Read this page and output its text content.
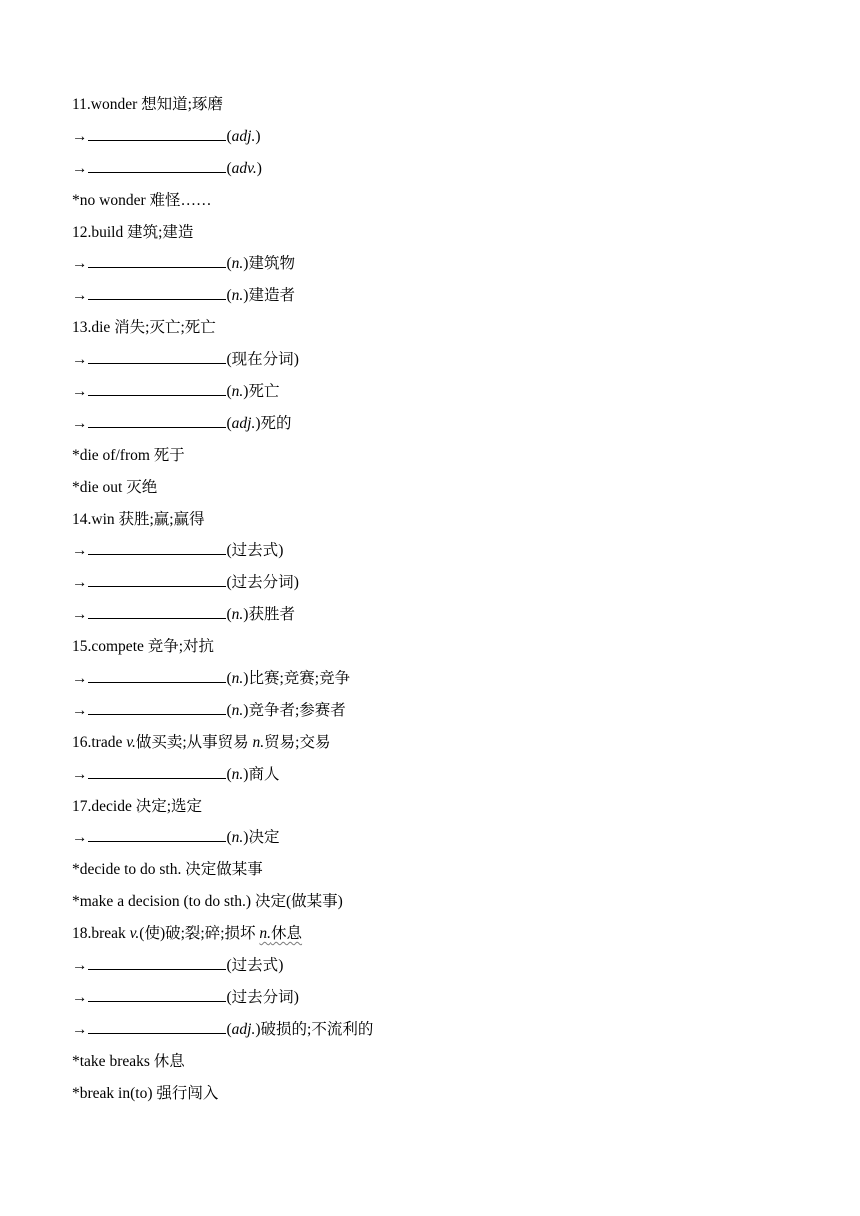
11.wonder 想知道;琢磨
→	(adj.)
→	(adv.)
*no wonder 难怪……
12.build 建筑;建造
→	(n.)建筑物
→	(n.)建造者
13.die 消失;灭亡;死亡
→	(现在分词)
→	(n.)死亡
→	(adj.)死的
*die of/from 死于
*die out 灭绝
14.win 获胜;赢;赢得
→	(过去式)
→	(过去分词)
→	(n.)获胜者
15.compete 竞争;对抗
→	(n.)比赛;竞赛;竞争
→	(n.)竞争者;参赛者
16.trade v.做买卖;从事贸易 n.贸易;交易
→	(n.)商人
17.decide 决定;选定
→	(n.)决定
*decide to do sth. 决定做某事
*make a decision (to do sth.) 决定(做某事)
18.break v.(使)破;裂;碎;损坏 n.休息
→	(过去式)
→	(过去分词)
→	(adj.)破损的;不流利的
*take breaks 休息
*break in(to) 强行闯入
